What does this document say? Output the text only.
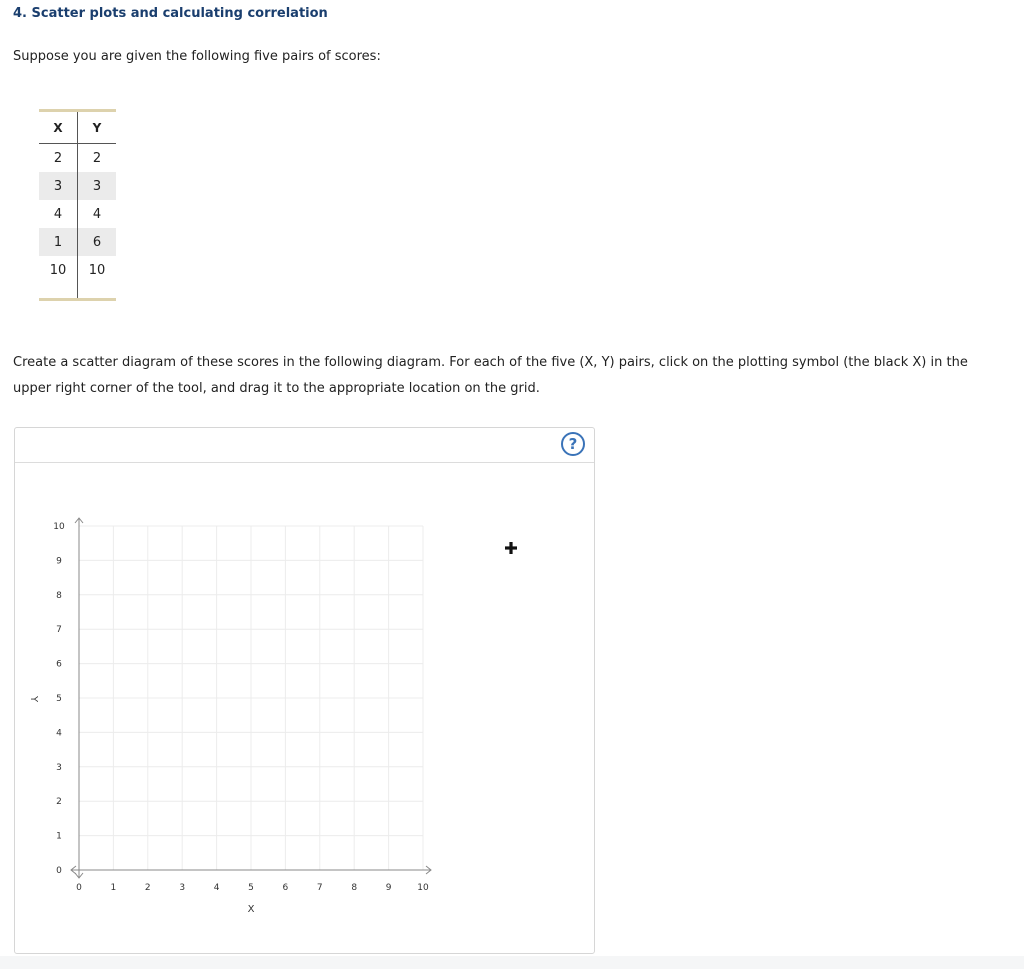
4. Scatter plots and calculating correlation
Suppose you are given the following five pairs of scores:

X	Y
2	2
3	3
4	4
1	6
10	10

Create a scatter diagram of these scores in the following diagram. For each of the five (X, Y) pairs, click on the plotting symbol (the black X) in the upper right corner of the tool, and drag it to the appropriate location on the grid.

?
0	1	2	3	4	5	6	7	8	9	10
0
1
2
3
4
5
6
7
8
9
10
X
Y
